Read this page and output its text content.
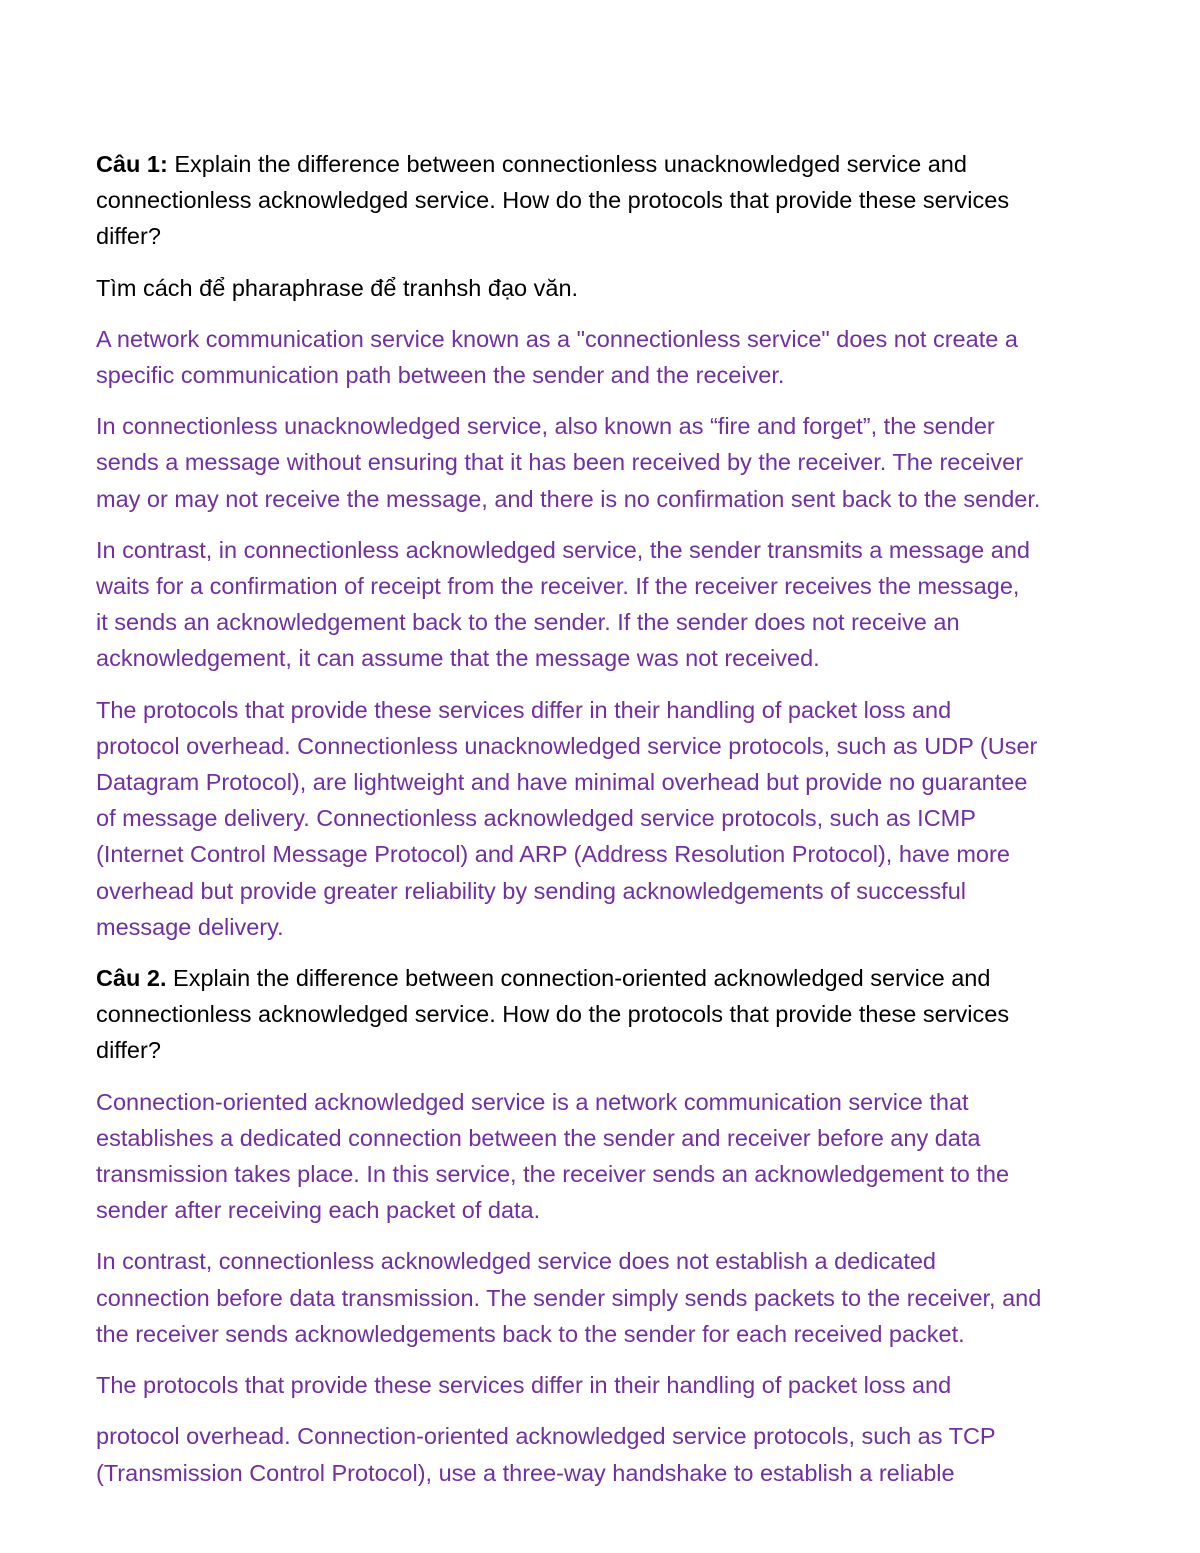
Câu 1: Explain the difference between connectionless unacknowledged service and
connectionless acknowledged service. How do the protocols that provide these services
differ?

Tìm cách để pharaphrase để tranhsh đạo văn.

A network communication service known as a "connectionless service" does not create a
specific communication path between the sender and the receiver.

In connectionless unacknowledged service, also known as “fire and forget”, the sender
sends a message without ensuring that it has been received by the receiver. The receiver
may or may not receive the message, and there is no confirmation sent back to the sender.

In contrast, in connectionless acknowledged service, the sender transmits a message and
waits for a confirmation of receipt from the receiver. If the receiver receives the message,
it sends an acknowledgement back to the sender. If the sender does not receive an
acknowledgement, it can assume that the message was not received.

The protocols that provide these services differ in their handling of packet loss and
protocol overhead. Connectionless unacknowledged service protocols, such as UDP (User
Datagram Protocol), are lightweight and have minimal overhead but provide no guarantee
of message delivery. Connectionless acknowledged service protocols, such as ICMP
(Internet Control Message Protocol) and ARP (Address Resolution Protocol), have more
overhead but provide greater reliability by sending acknowledgements of successful
message delivery.

Câu 2. Explain the difference between connection-oriented acknowledged service and
connectionless acknowledged service. How do the protocols that provide these services
differ?

Connection-oriented acknowledged service is a network communication service that
establishes a dedicated connection between the sender and receiver before any data
transmission takes place. In this service, the receiver sends an acknowledgement to the
sender after receiving each packet of data.

In contrast, connectionless acknowledged service does not establish a dedicated
connection before data transmission. The sender simply sends packets to the receiver, and
the receiver sends acknowledgements back to the sender for each received packet.

The protocols that provide these services differ in their handling of packet loss and

protocol overhead. Connection-oriented acknowledged service protocols, such as TCP
(Transmission Control Protocol), use a three-way handshake to establish a reliable
